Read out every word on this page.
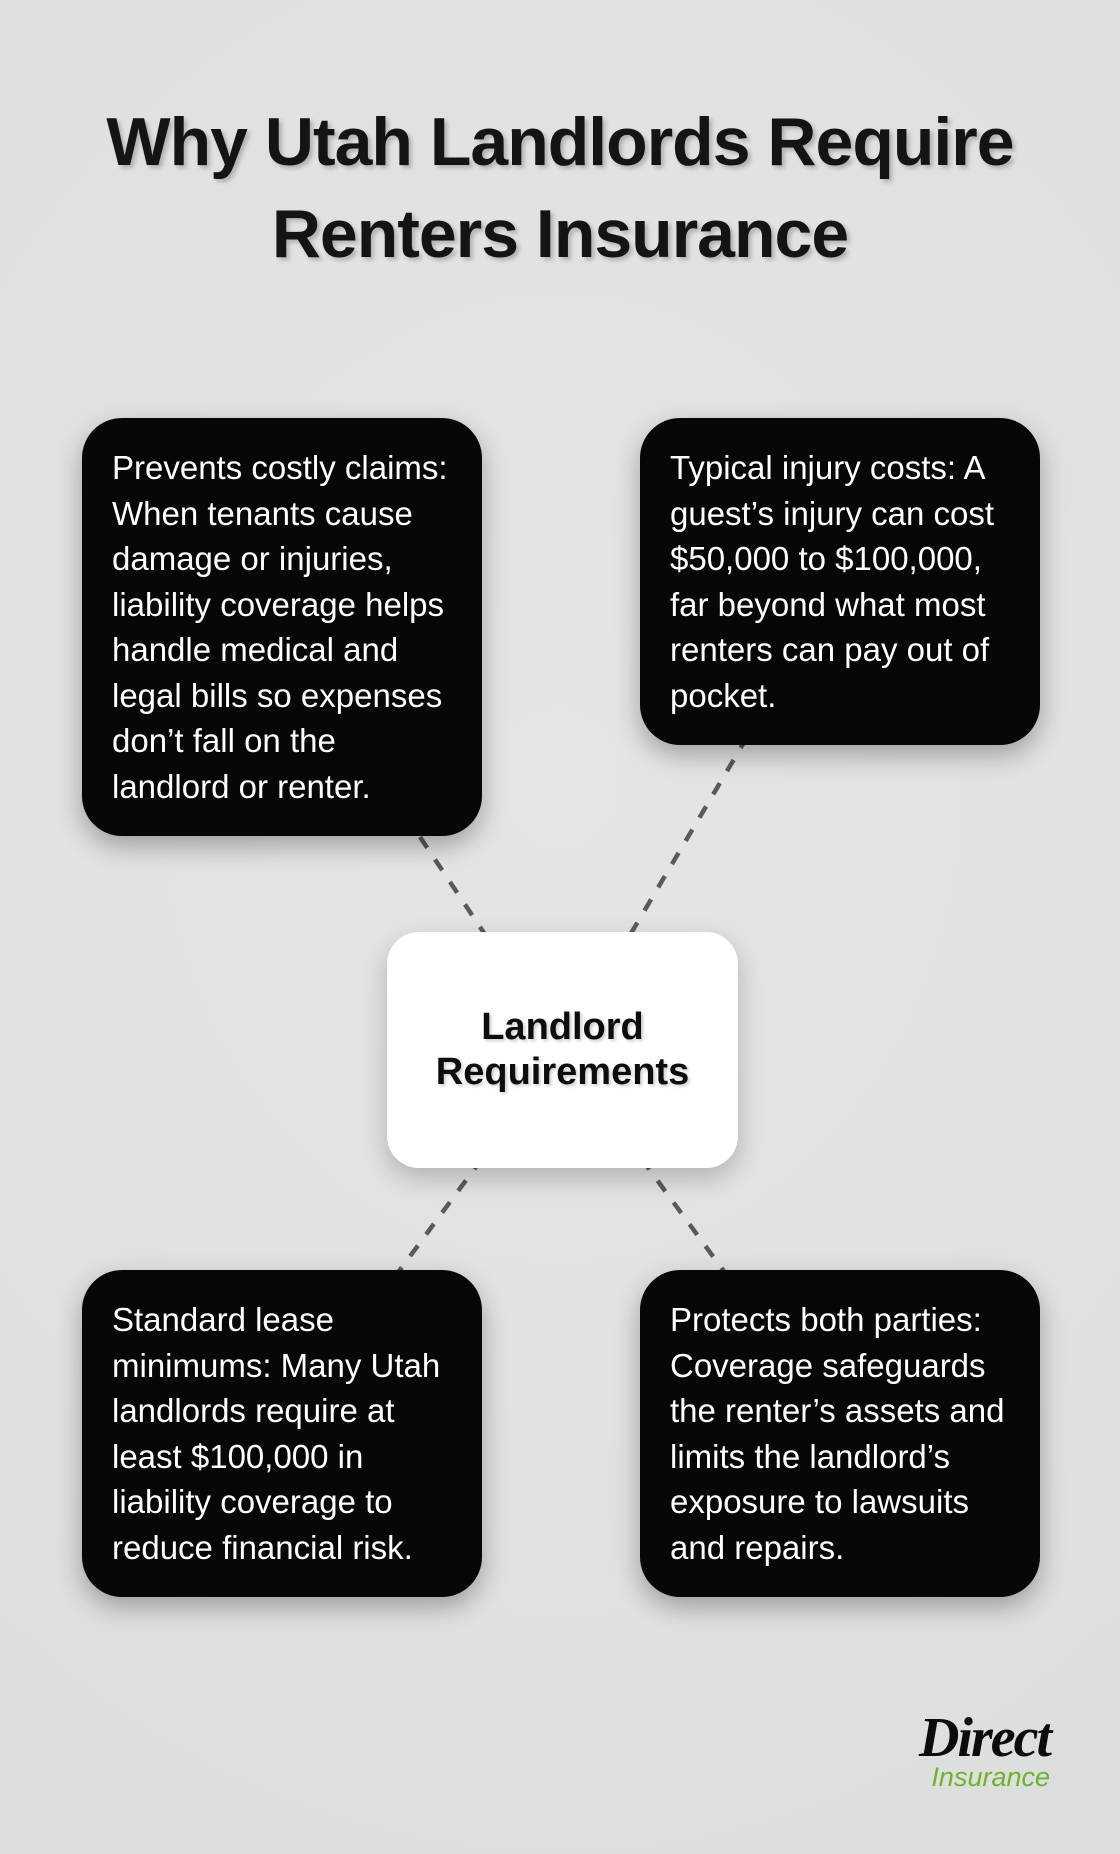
Why Utah Landlords Require Renters Insurance

Prevents costly claims: When tenants cause damage or injuries, liability coverage helps handle medical and legal bills so expenses don’t fall on the landlord or renter.

Typical injury costs: A guest’s injury can cost $50,000 to $100,000, far beyond what most renters can pay out of pocket.

Landlord Requirements

Standard lease minimums: Many Utah landlords require at least $100,000 in liability coverage to reduce financial risk.

Protects both parties: Coverage safeguards the renter’s assets and limits the landlord’s exposure to lawsuits and repairs.

Direct
Insurance
